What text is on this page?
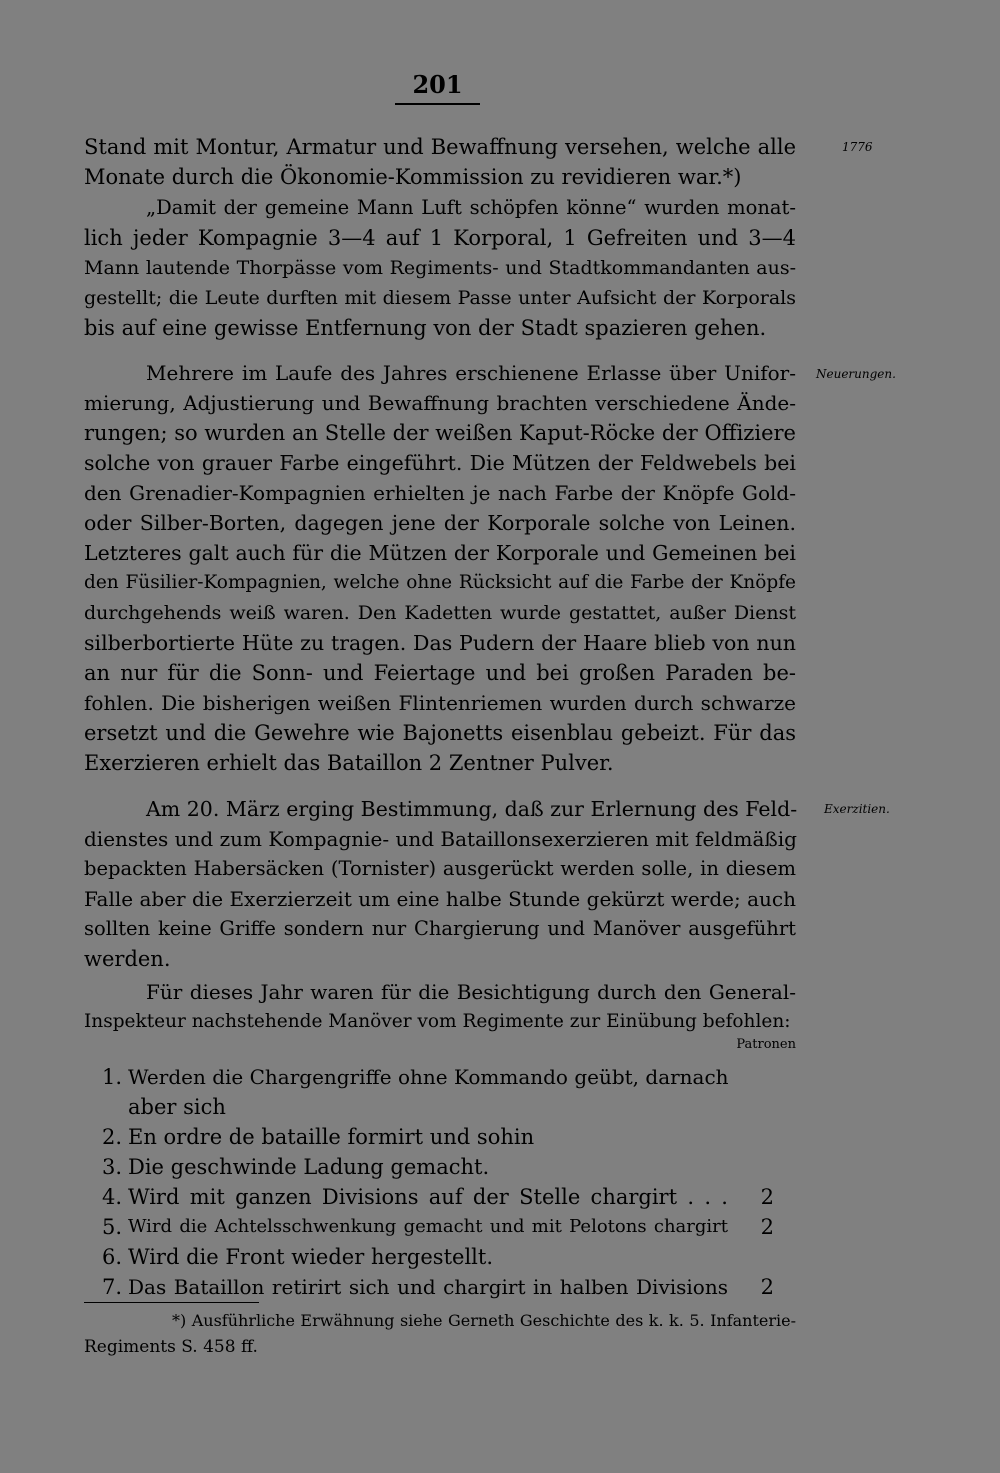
201
1776
Neuerungen.
Exerzitien.
Stand mit Montur, Armatur und Bewaffnung versehen, welche alle
Monate durch die Ökonomie-Kommission zu revidieren war.*)
„Damit der gemeine Mann Luft schöpfen könne“ wurden monat-
lich jeder Kompagnie 3—4 auf 1 Korporal, 1 Gefreiten und 3—4
Mann lautende Thorpässe vom Regiments- und Stadtkommandanten aus-
gestellt; die Leute durften mit diesem Passe unter Aufsicht der Korporals
bis auf eine gewisse Entfernung von der Stadt spazieren gehen.
Mehrere im Laufe des Jahres erschienene Erlasse über Unifor-
mierung, Adjustierung und Bewaffnung brachten verschiedene Ände-
rungen; so wurden an Stelle der weißen Kaput-Röcke der Offiziere
solche von grauer Farbe eingeführt. Die Mützen der Feldwebels bei
den Grenadier-Kompagnien erhielten je nach Farbe der Knöpfe Gold-
oder Silber-Borten, dagegen jene der Korporale solche von Leinen.
Letzteres galt auch für die Mützen der Korporale und Gemeinen bei
den Füsilier-Kompagnien, welche ohne Rücksicht auf die Farbe der Knöpfe
durchgehends weiß waren. Den Kadetten wurde gestattet, außer Dienst
silberbortierte Hüte zu tragen. Das Pudern der Haare blieb von nun
an nur für die Sonn- und Feiertage und bei großen Paraden be-
fohlen. Die bisherigen weißen Flintenriemen wurden durch schwarze
ersetzt und die Gewehre wie Bajonetts eisenblau gebeizt. Für das
Exerzieren erhielt das Bataillon 2 Zentner Pulver.
Am 20. März erging Bestimmung, daß zur Erlernung des Feld-
dienstes und zum Kompagnie- und Bataillonsexerzieren mit feldmäßig
bepackten Habersäcken (Tornister) ausgerückt werden solle, in diesem
Falle aber die Exerzierzeit um eine halbe Stunde gekürzt werde; auch
sollten keine Griffe sondern nur Chargierung und Manöver ausgeführt
werden.
Für dieses Jahr waren für die Besichtigung durch den General-
Inspekteur nachstehende Manöver vom Regimente zur Einübung befohlen:
Patronen
1. Werden die Chargengriffe ohne Kommando geübt, darnach
aber sich
2. En ordre de bataille formirt und sohin
3. Die geschwinde Ladung gemacht.
4. Wird mit ganzen Divisions auf der Stelle chargirt . . .	2
5. Wird die Achtelsschwenkung gemacht und mit Pelotons chargirt	2
6. Wird die Front wieder hergestellt.
7. Das Bataillon retirirt sich und chargirt in halben Divisions	2
*) Ausführliche Erwähnung siehe Gerneth Geschichte des k. k. 5. Infanterie-
Regiments S. 458 ff.
